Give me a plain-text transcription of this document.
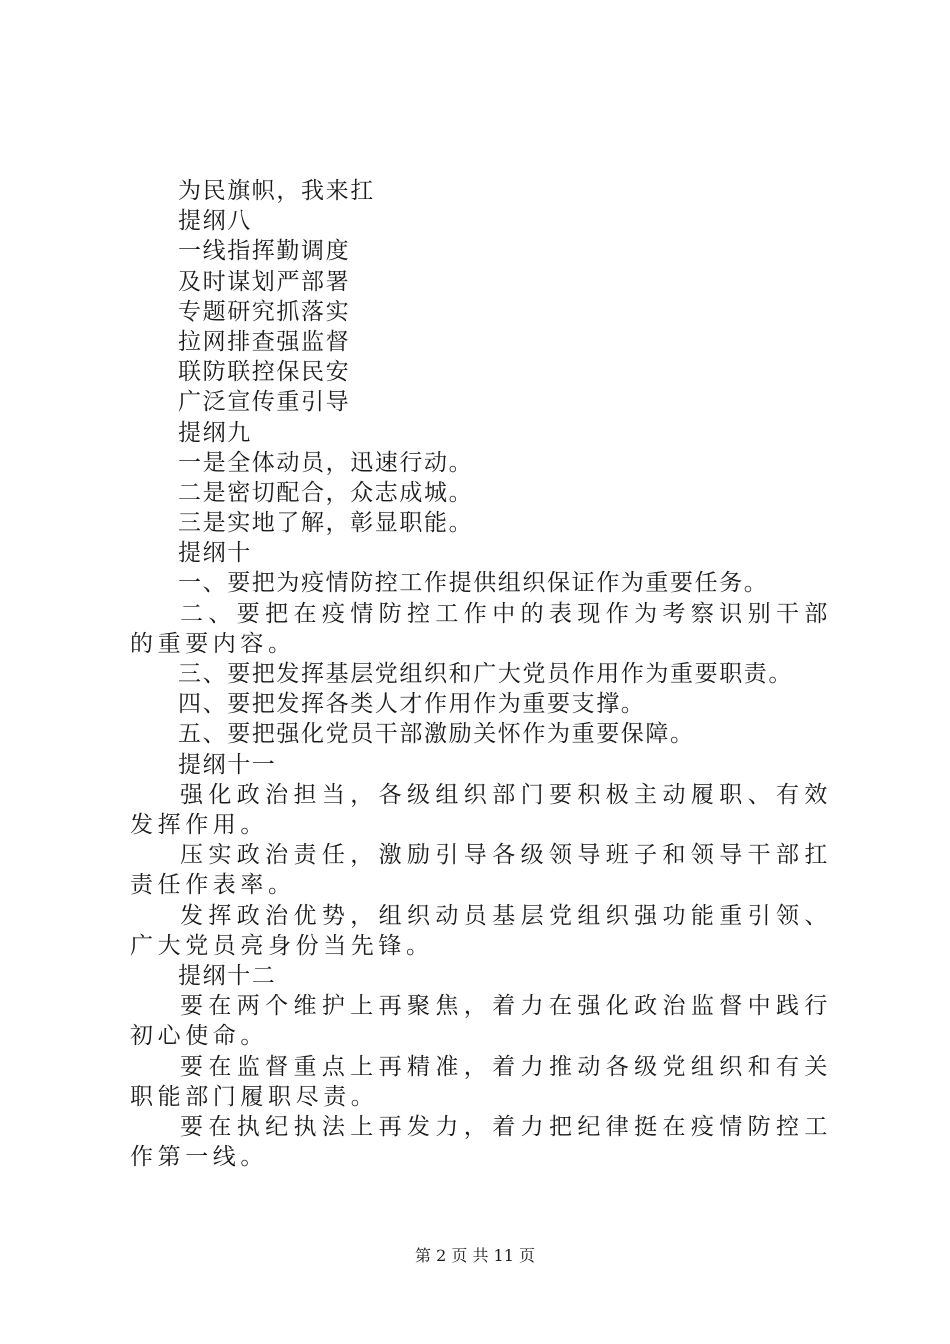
为民旗帜，我来扛
提纲八
一线指挥勤调度
及时谋划严部署
专题研究抓落实
拉网排查强监督
联防联控保民安
广泛宣传重引导
提纲九
一是全体动员，迅速行动。
二是密切配合，众志成城。
三是实地了解，彰显职能。
提纲十
一、要把为疫情防控工作提供组织保证作为重要任务。
二、要把在疫情防控工作中的表现作为考察识别干部的重要内容。
三、要把发挥基层党组织和广大党员作用作为重要职责。
四、要把发挥各类人才作用作为重要支撑。
五、要把强化党员干部激励关怀作为重要保障。
提纲十一
强化政治担当，各级组织部门要积极主动履职、有效发挥作用。
压实政治责任，激励引导各级领导班子和领导干部扛责任作表率。
发挥政治优势，组织动员基层党组织强功能重引领、广大党员亮身份当先锋。
提纲十二
要在两个维护上再聚焦，着力在强化政治监督中践行初心使命。
要在监督重点上再精准，着力推动各级党组织和有关职能部门履职尽责。
要在执纪执法上再发力，着力把纪律挺在疫情防控工作第一线。
第 2 页 共 11 页
